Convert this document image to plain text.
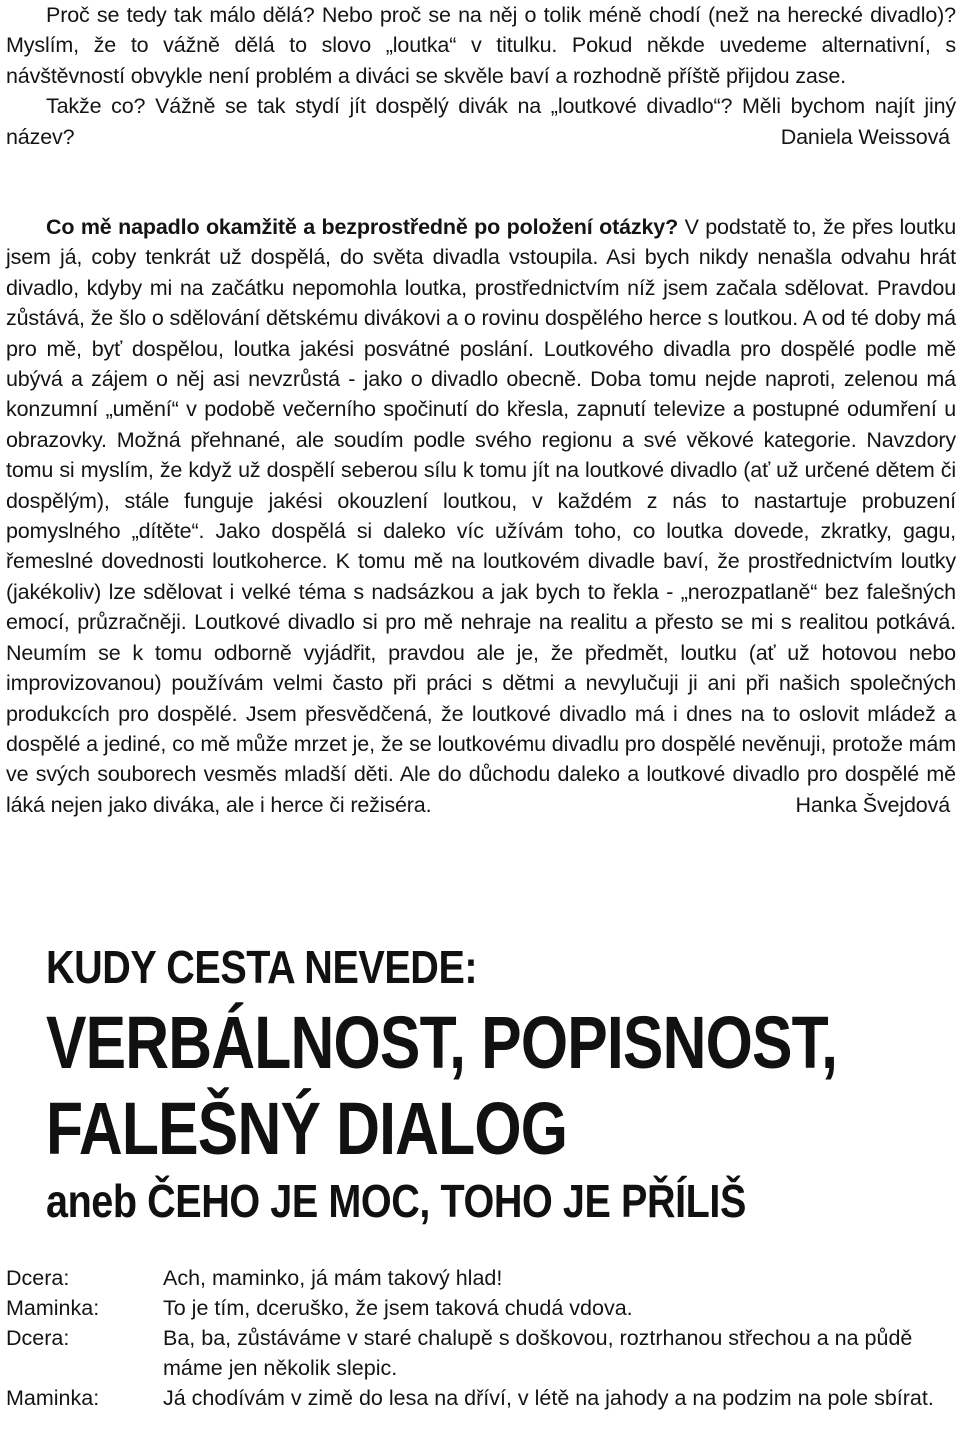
Proč se tedy tak málo dělá? Nebo proč se na něj o tolik méně chodí (než na herecké divadlo)? Myslím, že to vážně dělá to slovo „loutka“ v titulku. Pokud někde uvedeme alternativní, s návštěvností obvykle není problém a diváci se skvěle baví a rozhodně příště přijdou zase.

Takže co? Vážně se tak stydí jít dospělý divák na „loutkové divadlo“? Měli bychom najít jiný název?	Daniela Weissová

Co mě napadlo okamžitě a bezprostředně po položení otázky? V podstatě to, že přes loutku jsem já, coby tenkrát už dospělá, do světa divadla vstoupila. Asi bych nikdy nenašla odvahu hrát divadlo, kdyby mi na začátku nepomohla loutka, prostřednictvím níž jsem začala sdělovat. Pravdou zůstává, že šlo o sdělování dětskému divákovi a o rovinu dospělého herce s loutkou. A od té doby má pro mě, byť dospělou, loutka jakési posvátné poslání. Loutkového divadla pro dospělé podle mě ubývá a zájem o něj asi nevzrůstá - jako o divadlo obecně. Doba tomu nejde naproti, zelenou má konzumní „umění“ v podobě večerního spočinutí do křesla, zapnutí televize a postupné odumření u obrazovky. Možná přehnané, ale soudím podle svého regionu a své věkové kategorie. Navzdory tomu si myslím, že když už dospělí seberou sílu k tomu jít na loutkové divadlo (ať už určené dětem či dospělým), stále funguje jakési okouzlení loutkou, v každém z nás to nastartuje probuzení pomyslného „dítěte“. Jako dospělá si daleko víc užívám toho, co loutka dovede, zkratky, gagu, řemeslné dovednosti loutkoherce. K tomu mě na loutkovém divadle baví, že prostřednictvím loutky (jakékoliv) lze sdělovat i velké téma s nadsázkou a jak bych to řekla - „nerozpatlaně“ bez falešných emocí, průzračněji. Loutkové divadlo si pro mě nehraje na realitu a přesto se mi s realitou potkává. Neumím se k tomu odborně vyjádřit, pravdou ale je, že předmět, loutku (ať už hotovou nebo improvizovanou) používám velmi často při práci s dětmi a nevylučuji ji ani při našich společných produkcích pro dospělé. Jsem přesvědčená, že loutkové divadlo má i dnes na to oslovit mládež a dospělé a jediné, co mě může mrzet je, že se loutkovému divadlu pro dospělé nevěnuji, protože mám ve svých souborech vesměs mladší děti. Ale do důchodu daleko a loutkové divadlo pro dospělé mě láká nejen jako diváka, ale i herce či režiséra.	Hanka Švejdová

KUDY CESTA NEVEDE:
VERBÁLNOST, POPISNOST,
FALEŠNÝ DIALOG
aneb ČEHO JE MOC, TOHO JE PŘÍLIŠ
Dcera:	Ach, maminko, já mám takový hlad!
Maminka:	To je tím, dceruško, že jsem taková chudá vdova.
Dcera:	Ba, ba, zůstáváme v staré chalupě s doškovou, roztrhanou střechou a na půdě máme jen několik slepic.
Maminka:	Já chodívám v zimě do lesa na dříví, v létě na jahody a na podzim na pole sbírat.
